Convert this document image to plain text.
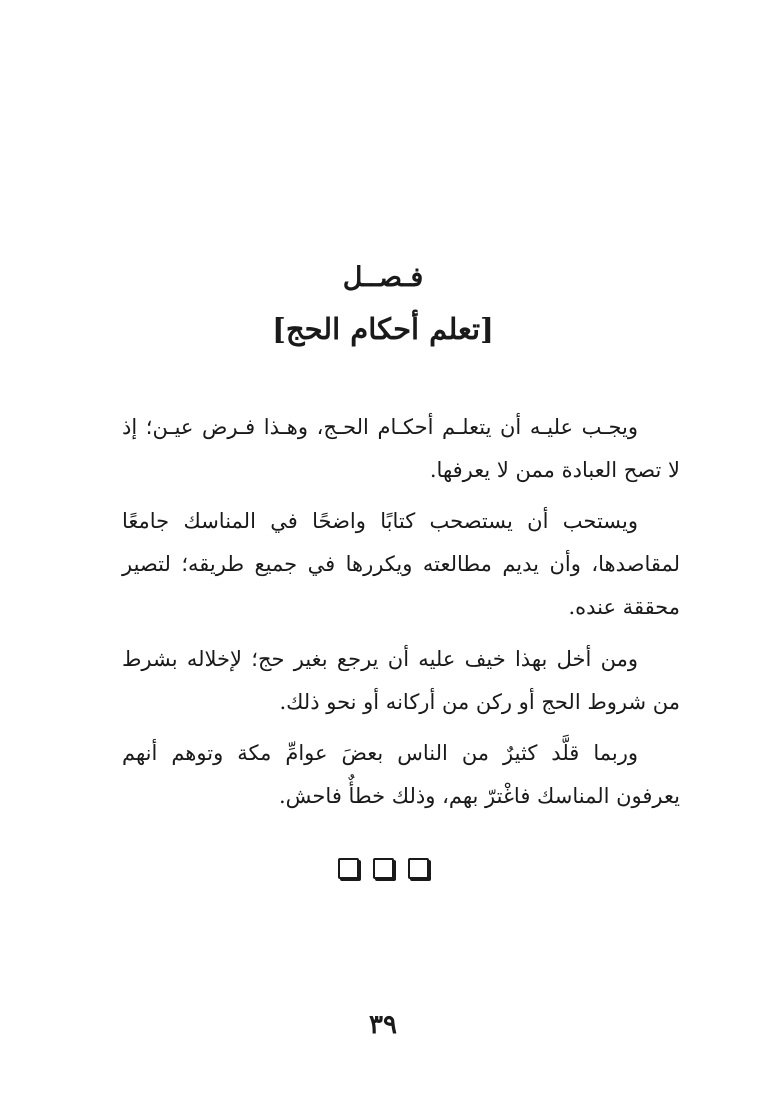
فـصــل
[تعلم أحكام الحج]

ويجـب عليـه أن يتعلـم أحكـام الحـج، وهـذا فـرض عيـن؛ إذ لا تصح العبادة ممن لا يعرفها.

ويستحب أن يستصحب كتابًا واضحًا في المناسك جامعًا لمقاصدها، وأن يديم مطالعته ويكررها في جميع طريقه؛ لتصير محققة عنده.

ومن أخل بهذا خيف عليه أن يرجع بغير حج؛ لإخلاله بشرط من شروط الحج أو ركن من أركانه أو نحو ذلك.

وربما قلَّد كثيرٌ من الناس بعضَ عوامِّ مكة وتوهم أنهم يعرفون المناسك فاغْترّ بهم، وذلك خطأٌ فاحش.

٣٩
